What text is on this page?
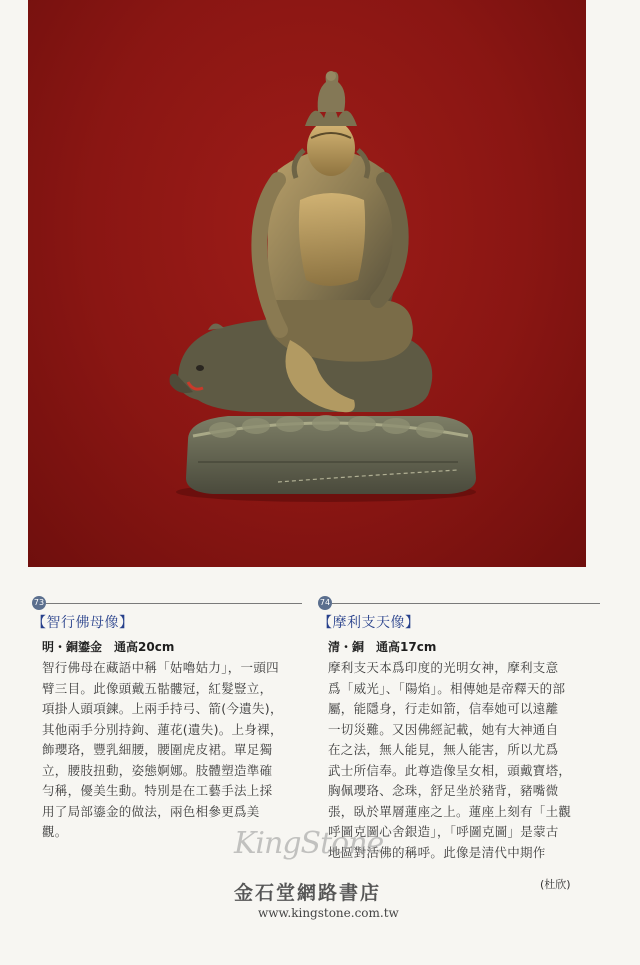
73
【智行佛母像】
明・銅鎏金　通高20cm
智行佛母在藏語中稱「姑嚕姑力」，一頭四
臂三目。此像頭戴五骷髏冠，紅髮豎立，
項掛人頭項鍊。上兩手持弓、箭(今遺失)，
其他兩手分別持鉤、蓮花(遺失)。上身裸，
飾瓔珞，豐乳細腰，腰圍虎皮裙。單足獨
立，腰肢扭動，姿態婀娜。肢體塑造準確
勻稱，優美生動。特別是在工藝手法上採
用了局部鎏金的做法，兩色相參更爲美
觀。
74
【摩利支天像】
清・銅　通高17cm
摩利支天本爲印度的光明女神，摩利支意
爲「威光」、「陽焰」。相傳她是帝釋天的部
屬，能隱身，行走如箭，信奉她可以遠離
一切災難。又因佛經記載，她有大神通自
在之法，無人能見，無人能害，所以尤爲
武士所信奉。此尊造像呈女相，頭戴寶塔，
胸佩瓔珞、念珠，舒足坐於豬背，豬嘴微
張，臥於單層蓮座之上。蓮座上刻有「土觀
呼圖克圖心舍銀造」，「呼圖克圖」是蒙古
地區對活佛的稱呼。此像是清代中期作
(杜欣)
KingStone
金石堂網路書店
www.kingstone.com.tw
